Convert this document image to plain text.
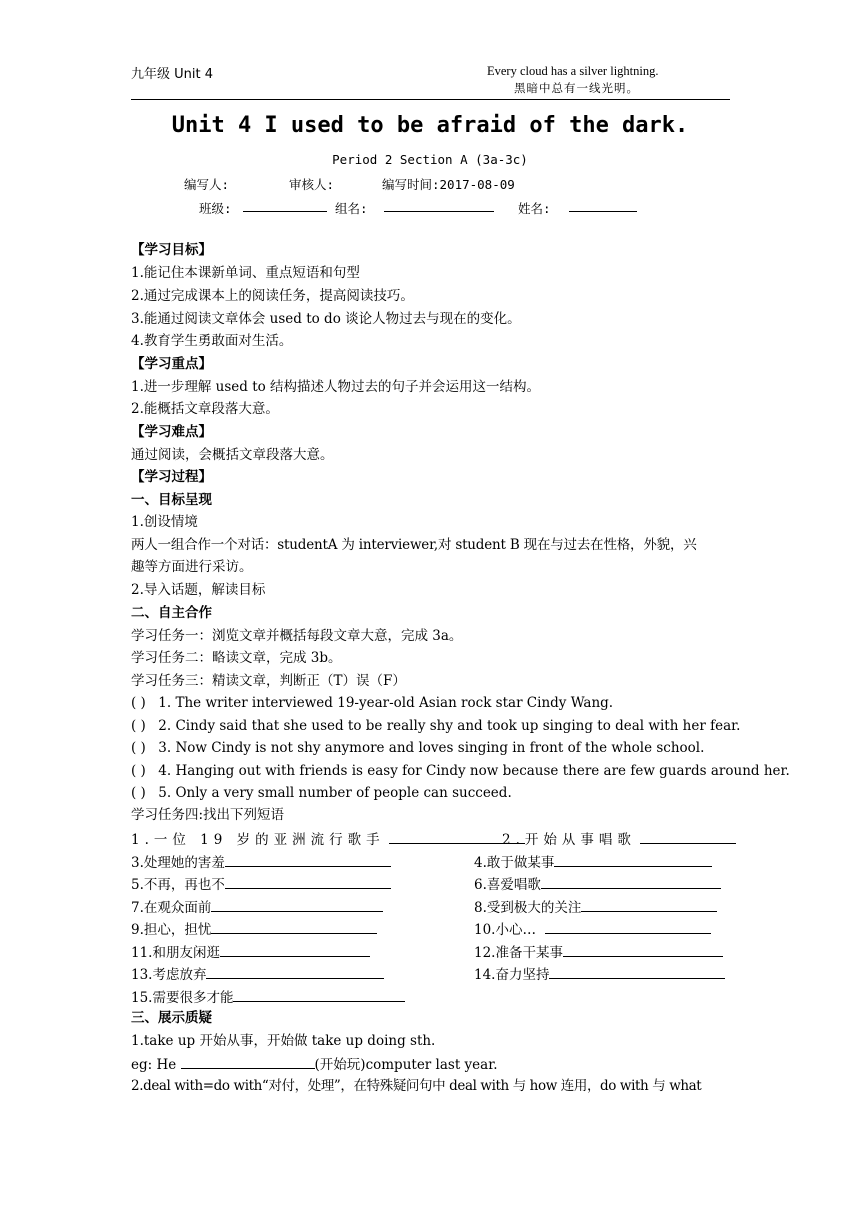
九年级 Unit 4	Every cloud has a silver lightning.
黑暗中总有一线光明。
Unit 4 I used to be afraid of the dark.
Period 2 Section A (3a-3c)
编写人:	审核人:	编写时间:2017-08-09
班级:	组名:	姓名:
【学习目标】
1.能记住本课新单词、重点短语和句型
2.通过完成课本上的阅读任务，提高阅读技巧。
3.能通过阅读文章体会 used to do 谈论人物过去与现在的变化。
4.教育学生勇敢面对生活。
【学习重点】
1.进一步理解 used to 结构描述人物过去的句子并会运用这一结构。
2.能概括文章段落大意。
【学习难点】
通过阅读，会概括文章段落大意。
【学习过程】
一、目标呈现
1.创设情境
两人一组合作一个对话：studentA 为 interviewer,对 student B 现在与过去在性格，外貌，兴
趣等方面进行采访。
2.导入话题，解读目标
二、自主合作
学习任务一：浏览文章并概括每段文章大意，完成 3a。
学习任务二：略读文章，完成 3b。
学习任务三：精读文章，判断正（T）误（F）
( ) 1. The writer interviewed 19-year-old Asian rock star Cindy Wang.
( ) 2. Cindy said that she used to be really shy and took up singing to deal with her fear.
( ) 3. Now Cindy is not shy anymore and loves singing in front of the whole school.
( ) 4. Hanging out with friends is easy for Cindy now because there are few guards around her.
( ) 5. Only a very small number of people can succeed.
学习任务四:找出下列短语
1.一位 19 岁的亚洲流行歌手	2.开始从事唱歌
3.处理她的害羞	4.敢于做某事
5.不再，再也不	6.喜爱唱歌
7.在观众面前	8.受到极大的关注
9.担心，担忧	10.小心…
11.和朋友闲逛	12.准备干某事
13.考虑放弃	14.奋力坚持
15.需要很多才能
三、展示质疑
1.take up 开始从事，开始做 take up doing sth.
eg: He	(开始玩)computer last year.
2.deal with=do with“对付，处理”，在特殊疑问句中 deal with 与 how 连用，do with 与 what
